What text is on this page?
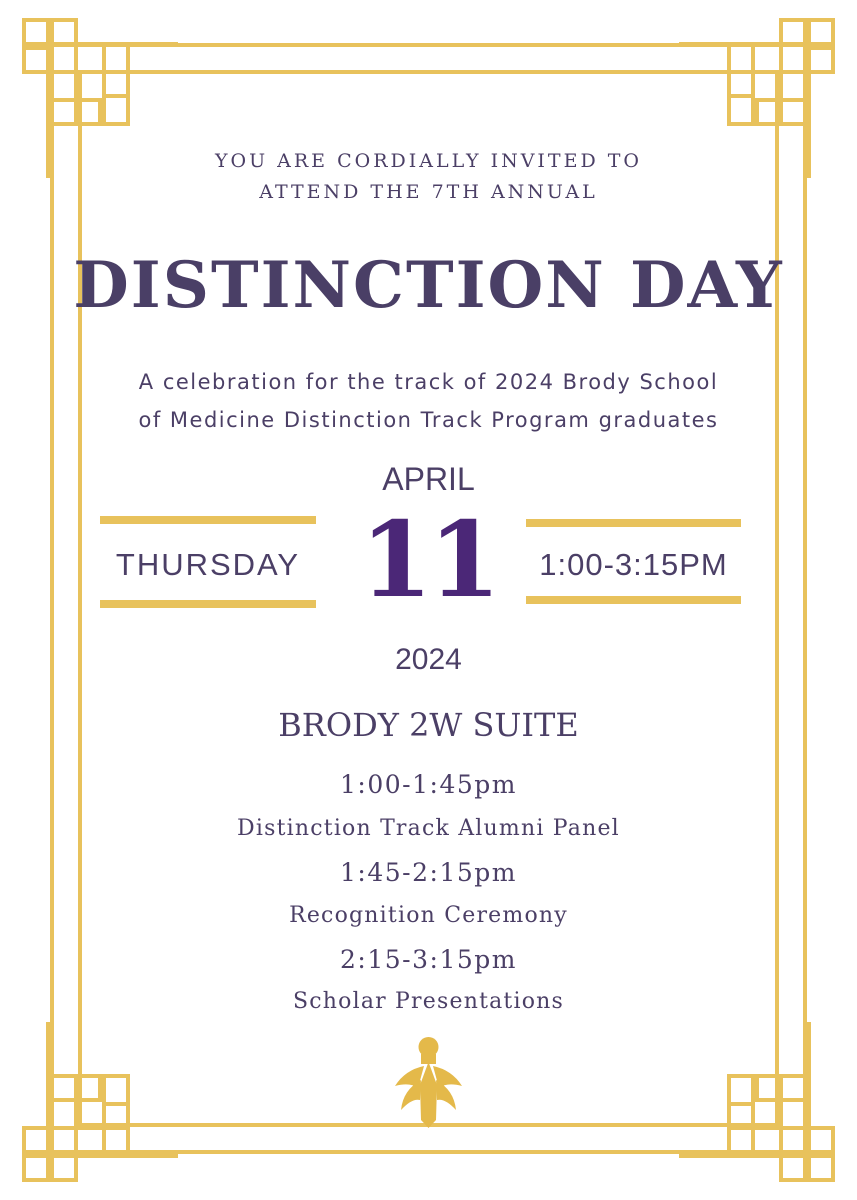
YOU ARE CORDIALLY INVITED TO
ATTEND THE 7TH ANNUAL

DISTINCTION DAY

A celebration for the track of 2024 Brody School
of Medicine Distinction Track Program graduates

APRIL

11

THURSDAY	1:00-3:15PM

2024

BRODY 2W SUITE

1:00-1:45pm

Distinction Track Alumni Panel

1:45-2:15pm

Recognition Ceremony

2:15-3:15pm

Scholar Presentations
